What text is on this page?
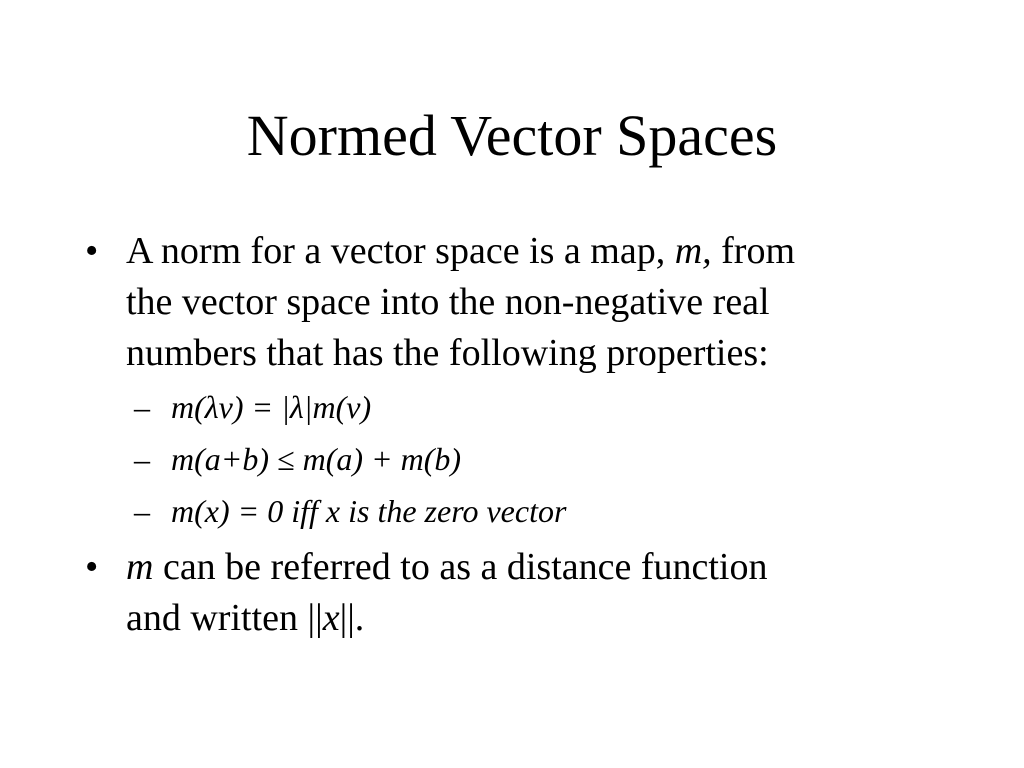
Normed Vector Spaces
• A norm for a vector space is a map, m, from
the vector space into the non-negative real
numbers that has the following properties:
– m(λv) = |λ|m(v)
– m(a+b) ≤ m(a) + m(b)
– m(x) = 0 iff x is the zero vector
• m can be referred to as a distance function
and written ||x||.
